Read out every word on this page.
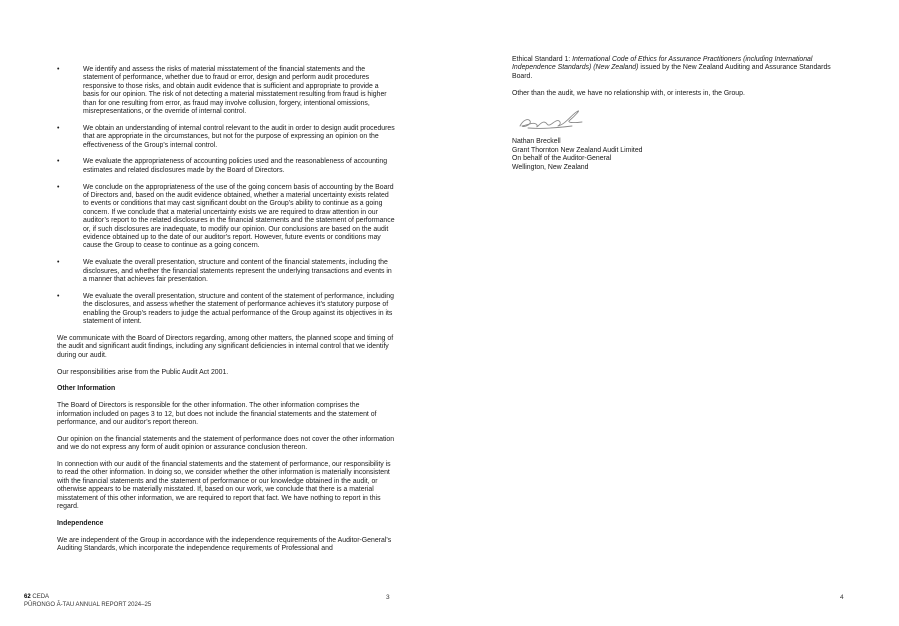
• We identify and assess the risks of material misstatement of the financial statements and the statement of performance, whether due to fraud or error, design and perform audit procedures responsive to those risks, and obtain audit evidence that is sufficient and appropriate to provide a basis for our opinion. The risk of not detecting a material misstatement resulting from fraud is higher than for one resulting from error, as fraud may involve collusion, forgery, intentional omissions, misrepresentations, or the override of internal control.
• We obtain an understanding of internal control relevant to the audit in order to design audit procedures that are appropriate in the circumstances, but not for the purpose of expressing an opinion on the effectiveness of the Group’s internal control.
• We evaluate the appropriateness of accounting policies used and the reasonableness of accounting estimates and related disclosures made by the Board of Directors.
• We conclude on the appropriateness of the use of the going concern basis of accounting by the Board of Directors and, based on the audit evidence obtained, whether a material uncertainty exists related to events or conditions that may cast significant doubt on the Group’s ability to continue as a going concern. If we conclude that a material uncertainty exists we are required to draw attention in our auditor’s report to the related disclosures in the financial statements and the statement of performance or, if such disclosures are inadequate, to modify our opinion. Our conclusions are based on the audit evidence obtained up to the date of our auditor’s report. However, future events or conditions may cause the Group to cease to continue as a going concern.
• We evaluate the overall presentation, structure and content of the financial statements, including the disclosures, and whether the financial statements represent the underlying transactions and events in a manner that achieves fair presentation.
• We evaluate the overall presentation, structure and content of the statement of performance, including the disclosures, and assess whether the statement of performance achieves it’s statutory purpose of enabling the Group’s readers to judge the actual performance of the Group against its objectives in its statement of intent.

We communicate with the Board of Directors regarding, among other matters, the planned scope and timing of the audit and significant audit findings, including any significant deficiencies in internal control that we identify during our audit.

Our responsibilities arise from the Public Audit Act 2001.

Other Information

The Board of Directors is responsible for the other information. The other information comprises the information included on pages 3 to 12, but does not include the financial statements and the statement of performance, and our auditor’s report thereon.

Our opinion on the financial statements and the statement of performance does not cover the other information and we do not express any form of audit opinion or assurance conclusion thereon.

In connection with our audit of the financial statements and the statement of performance, our responsibility is to read the other information. In doing so, we consider whether the other information is materially inconsistent with the financial statements and the statement of performance or our knowledge obtained in the audit, or otherwise appears to be materially misstated. If, based on our work, we conclude that there is a material misstatement of this other information, we are required to report that fact. We have nothing to report in this regard.

Independence

We are independent of the Group in accordance with the independence requirements of the Auditor-General’s Auditing Standards, which incorporate the independence requirements of Professional and

Ethical Standard 1: International Code of Ethics for Assurance Practitioners (including International Independence Standards) (New Zealand) issued by the New Zealand Auditing and Assurance Standards Board.

Other than the audit, we have no relationship with, or interests in, the Group.

Nathan Breckell
Grant Thornton New Zealand Audit Limited
On behalf of the Auditor-General
Wellington, New Zealand
3	4
62 CEDA
PŪRONGO Ā-TAU ANNUAL REPORT 2024–25
